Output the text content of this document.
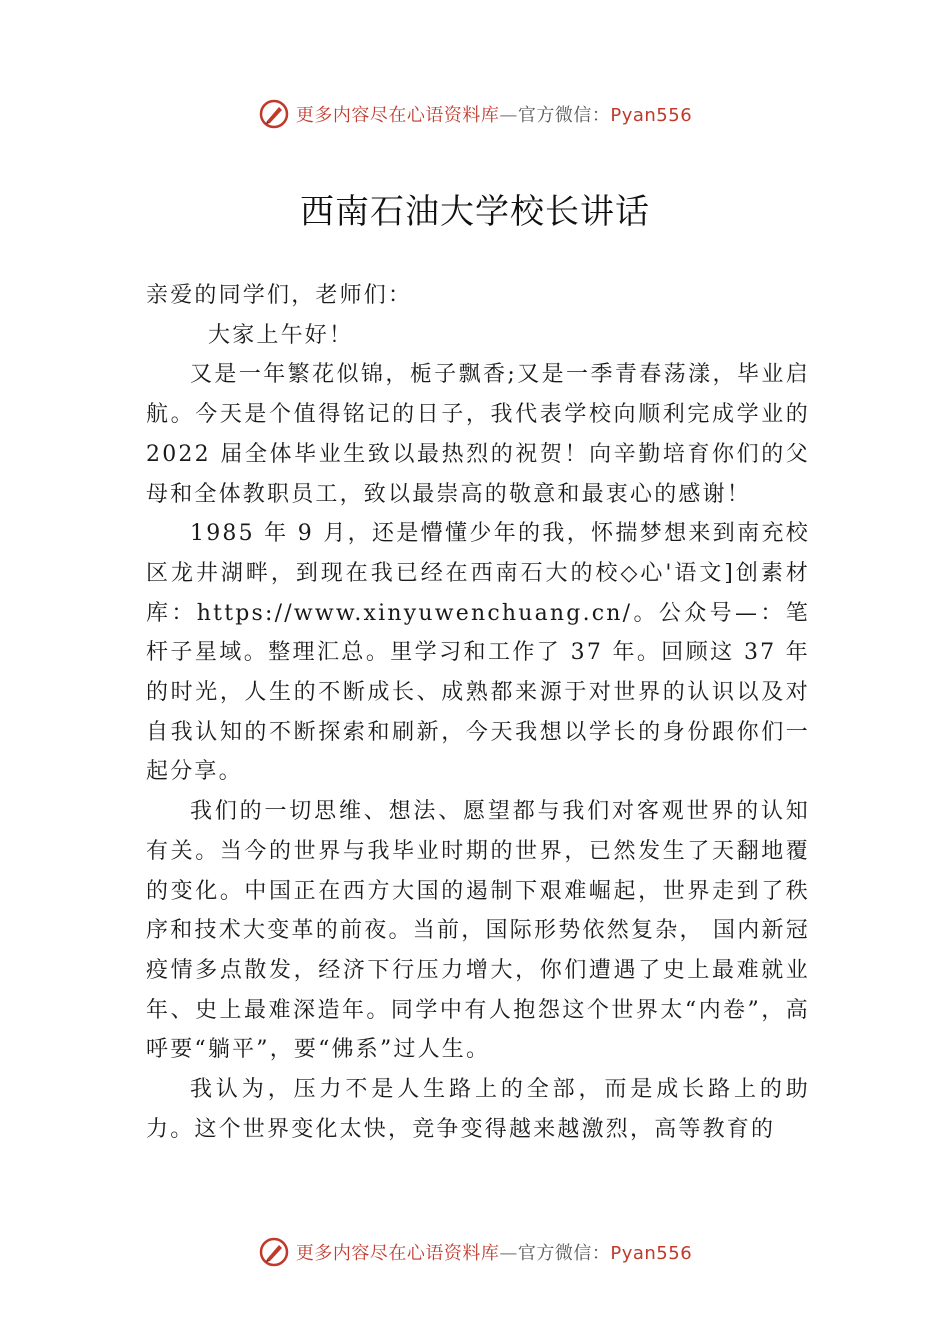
更多内容尽在心语资料库—官方微信：Pyan556
西南石油大学校长讲话

亲爱的同学们，老师们：

大家上午好！

又是一年繁花似锦，栀子飘香;又是一季青春荡漾，毕业启航。今天是个值得铭记的日子，我代表学校向顺利完成学业的 2022 届全体毕业生致以最热烈的祝贺！向辛勤培育你们的父母和全体教职员工，致以最崇高的敬意和最衷心的感谢！

1985 年 9 月，还是懵懂少年的我，怀揣梦想来到南充校区龙井湖畔，到现在我已经在西南石大的校◇心'语文]创素材库：https://www.xinyuwenchuang.cn/。公众号—：笔杆子星域。整理汇总。里学习和工作了 37 年。回顾这 37 年的时光，人生的不断成长、成熟都来源于对世界的认识以及对自我认知的不断探索和刷新，今天我想以学长的身份跟你们一起分享。

我们的一切思维、想法、愿望都与我们对客观世界的认知有关。当今的世界与我毕业时期的世界，已然发生了天翻地覆的变化。中国正在西方大国的遏制下艰难崛起，世界走到了秩序和技术大变革的前夜。当前，国际形势依然复杂， 国内新冠疫情多点散发，经济下行压力增大，你们遭遇了史上最难就业年、史上最难深造年。同学中有人抱怨这个世界太“内卷”，高呼要“躺平”，要“佛系”过人生。

我认为，压力不是人生路上的全部，而是成长路上的助力。这个世界变化太快，竞争变得越来越激烈，高等教育的

更多内容尽在心语资料库—官方微信：Pyan556
